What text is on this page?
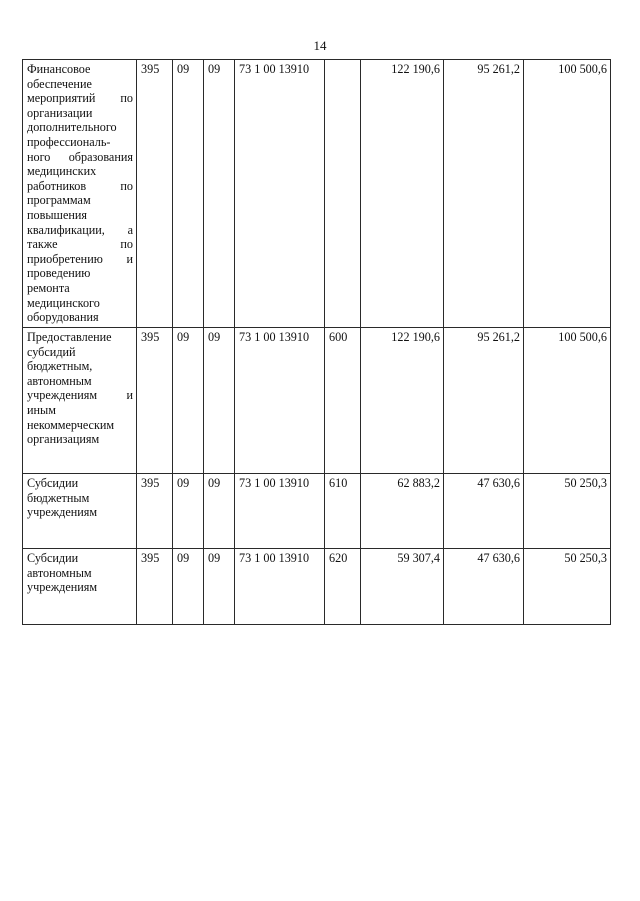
14
Финансовое обеспечение мероприятий по организации дополнительного профессиональ-ного образования медицинских работников по программам повышения квалификации, а также по приобретению и проведению ремонта медицинского оборудования	395	09	09	73 1 00 13910		122 190,6	95 261,2	100 500,6
Предоставление субсидий бюджетным, автономным учреждениям и иным некоммерческим организациям	395	09	09	73 1 00 13910	600	122 190,6	95 261,2	100 500,6
Субсидии бюджетным учреждениям	395	09	09	73 1 00 13910	610	62 883,2	47 630,6	50 250,3
Субсидии автономным учреждениям	395	09	09	73 1 00 13910	620	59 307,4	47 630,6	50 250,3
